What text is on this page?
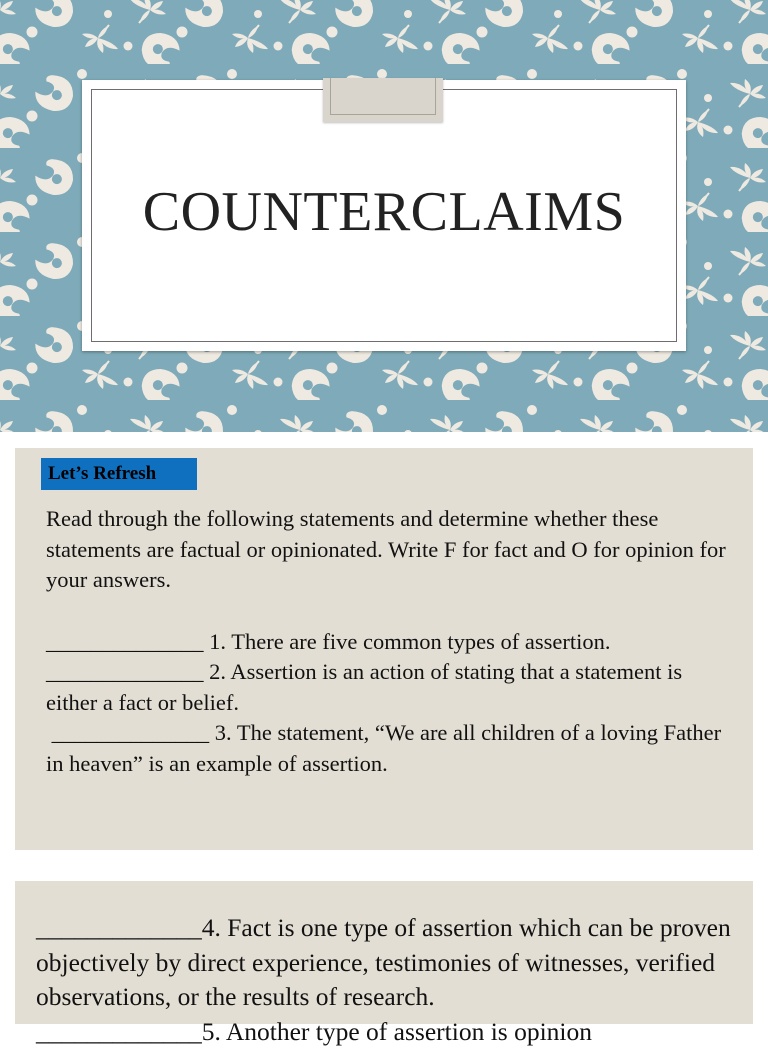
COUNTERCLAIMS
Let’s Refresh

Read through the following statements and determine whether these statements are factual or opinionated. Write F for fact and O for opinion for your answers.

______________ 1. There are five common types of assertion.

______________ 2. Assertion is an action of stating that a statement is either a fact or belief.

______________ 3. The statement, “We are all children of a loving Father in heaven” is an example of assertion.

_____________4. Fact is one type of assertion which can be proven objectively by direct experience, testimonies of witnesses, verified observations, or the results of research.

_____________5. Another type of assertion is opinion
